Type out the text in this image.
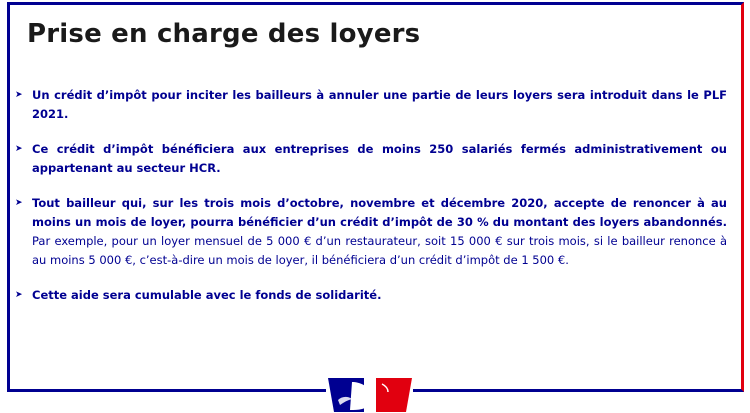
Prise en charge des loyers
➤ Un crédit d’impôt pour inciter les bailleurs à annuler une partie de leurs loyers sera introduit dans le PLF 2021.
➤ Ce crédit d’impôt bénéficiera aux entreprises de moins 250 salariés fermés administrativement ou appartenant au secteur HCR.
➤ Tout bailleur qui, sur les trois mois d’octobre, novembre et décembre 2020, accepte de renoncer à au moins un mois de loyer, pourra bénéficier d’un crédit d’impôt de 30 % du montant des loyers abandonnés. Par exemple, pour un loyer mensuel de 5 000 € d’un restaurateur, soit 15 000 € sur trois mois, si le bailleur renonce à au moins 5 000 €, c’est-à-dire un mois de loyer, il bénéficiera d’un crédit d’impôt de 1 500 €.
➤ Cette aide sera cumulable avec le fonds de solidarité.
